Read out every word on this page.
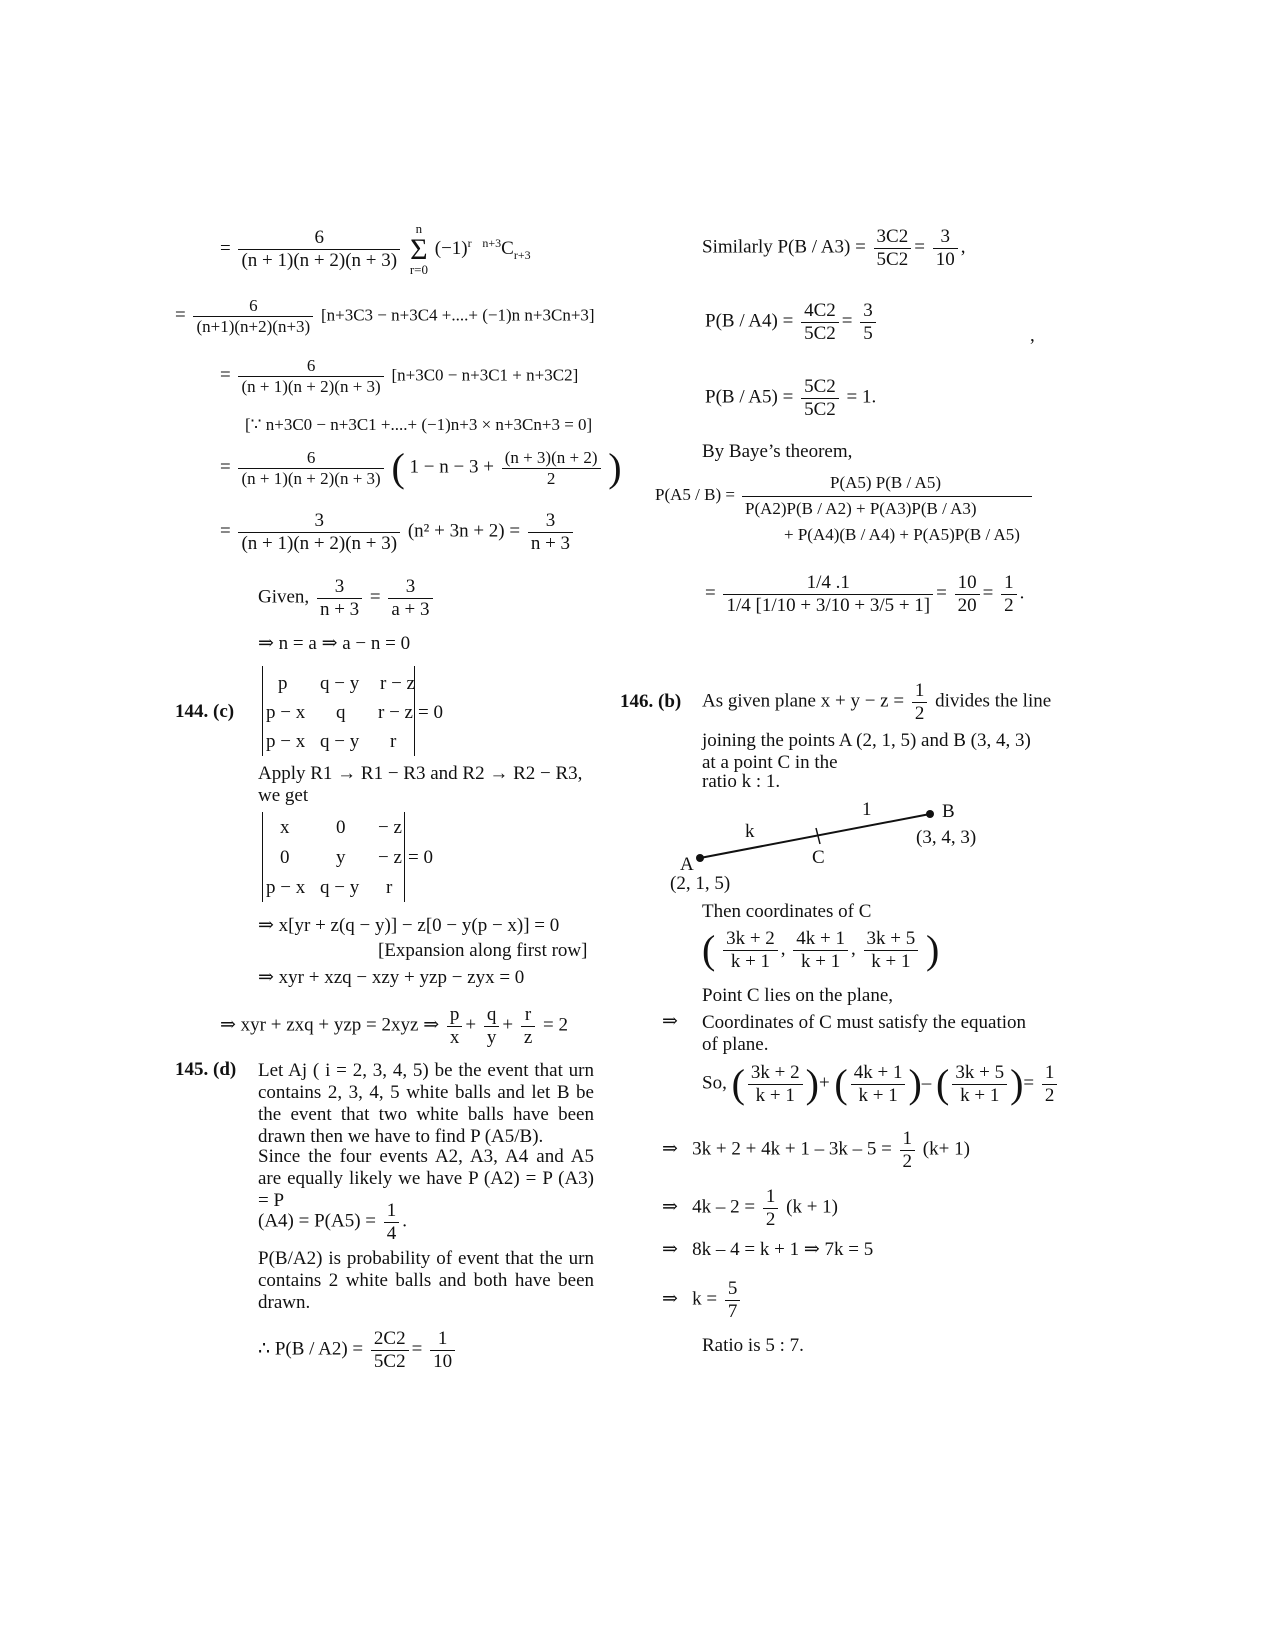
= $\frac{6}{(n + 1)(n + 2)(n + 3)}$
	n
Σ
r=0
$(-1)^r$ $^{n+3}C_{r+3}$
= $\frac{6}{(n+1)(n+2)(n+3)} [n+3C3 - n+3C4$ +....+ (−1)n n+3Cn+3]
= $\frac{6}{(n + 1)(n + 2)(n + 3)} [n+3C0 - n+3C1 + n+3C2]$
[∵ n+3C0 − n+3C1 +....+ (−1)n+3 × n+3Cn+3 = 0]
= $\frac{6}{(n + 1)(n + 2)(n + 3)}$ ( $1 - n - 3 + \frac{(n + 3)(n + 2)}{2}$ )
= $\frac{3}{(n + 1)(n + 2)(n + 3)} (n^2 + 3n + 2) = \frac{3}{n + 3}$
Given, $\frac{3}{n + 3} = \frac{3}{a + 3}$
⇒ n = a ⇒ a − n = 0
144. (c)
p q − y r − z
p − x q r − z
p − x q − y r
= 0
Apply R1 → R1 − R3 and R2 → R2 − R3,
we get
x 0 − z
0 y − z
p − x q − y r
= 0
⇒ x[yr + z(q − y)] − z[0 − y(p − x)] = 0
[Expansion along first row]
⇒ xyr + xzq − xzy + yzp − zyx = 0
⇒ xyr + zxq + yzp = 2xyz ⇒ $\frac{p}{x} + \frac{q}{y} + \frac{r}{z} = 2$
145. (d) Let Aj ( i = 2, 3, 4, 5) be the event that urn contains 2, 3, 4, 5 white balls and let B be the event that two white balls have been drawn then we have to find P (A5/B).
Since the four events A2, A3, A4 and A5 are equally likely we have P (A2) = P (A3) = P
$(A4) = P(A5) = \frac{1}{4}$ .
P(B/A2) is probability of event that the urn contains 2 white balls and both have been drawn.
∴ $P(B / A2) = \frac{2C2}{5C2} = \frac{1}{10}$
Similarly $P(B / A3) = \frac{3C2}{5C2} = \frac{3}{10}$ ,
$P(B / A4) = \frac{4C2}{5C2} = \frac{3}{5}$	,
$P(B / A5) = \frac{5C2}{5C2} = 1$.
By Baye’s theorem,
P(A5 / B) =
P(A5) P(B / A5)
P(A2)P(B / A2) + P(A3)P(B / A3)
+ P(A4)(B / A4) + P(A5)P(B / A5)
= $\frac{1/4 .1}{1/4 [1/10 + 3/10 + 3/5 + 1]} = \frac{10}{20} = \frac{1}{2}$ .
146. (b) As given plane $x + y - z = \frac{1}{2}$ divides the line
joining the points A (2, 1, 5) and B (3, 4, 3) at a point C in the
ratio k : 1.
k
1	B
(3, 4, 3)
C
A
(2, 1, 5)
Then coordinates of C
( $\frac{3k + 2}{k + 1}$ , $\frac{4k + 1}{k + 1}$ , $\frac{3k + 5}{k + 1}$ )
Point C lies on the plane,
⇒ Coordinates of C must satisfy the equation of plane.
So, ( $\frac{3k + 2}{k + 1}$ )+ ( $\frac{4k + 1}{k + 1}$ )– ( $\frac{3k + 5}{k + 1}$ )= $\frac{1}{2}$
⇒ $3k + 2 + 4k + 1 - 3k - 5 = \frac{1}{2} (k+ 1)$
⇒ $4k - 2 = \frac{1}{2} (k + 1)$
⇒ 8k – 4 = k + 1 ⇒ 7k = 5
⇒ $k = \frac{5}{7}$
Ratio is 5 : 7.
